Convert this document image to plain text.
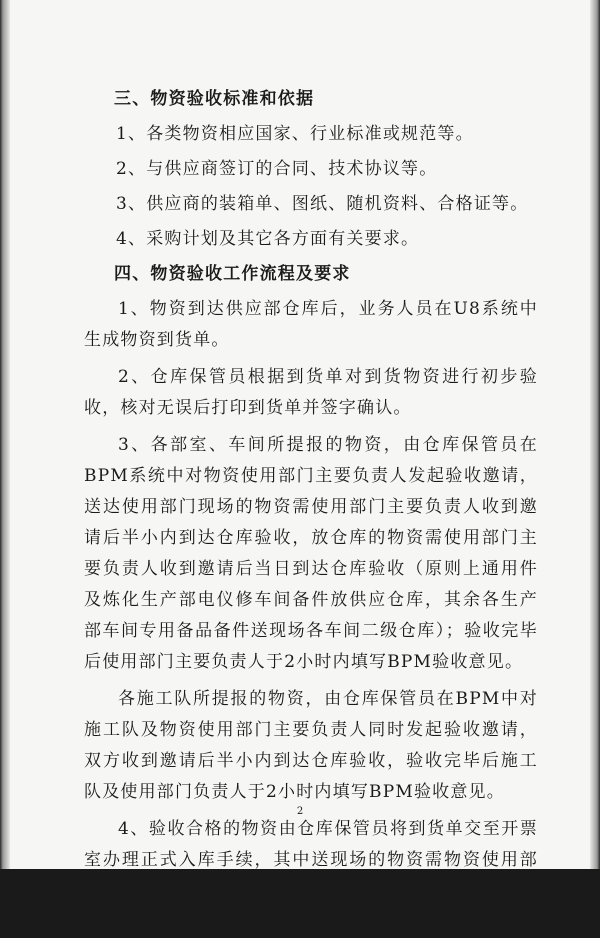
三、物资验收标准和依据
1、各类物资相应国家、行业标准或规范等。
2、与供应商签订的合同、技术协议等。
3、供应商的装箱单、图纸、随机资料、合格证等。
4、采购计划及其它各方面有关要求。
四、物资验收工作流程及要求
1、物资到达供应部仓库后，业务人员在U8系统中生成物资到货单。
2、仓库保管员根据到货单对到货物资进行初步验收，核对无误后打印到货单并签字确认。
3、各部室、车间所提报的物资，由仓库保管员在BPM系统中对物资使用部门主要负责人发起验收邀请，送达使用部门现场的物资需使用部门主要负责人收到邀请后半小内到达仓库验收，放仓库的物资需使用部门主要负责人收到邀请后当日到达仓库验收（原则上通用件及炼化生产部电仪修车间备件放供应仓库，其余各生产部车间专用备品备件送现场各车间二级仓库）；验收完毕后使用部门主要负责人于2小时内填写BPM验收意见。
各施工队所提报的物资，由仓库保管员在BPM中对施工队及物资使用部门主要负责人同时发起验收邀请，双方收到邀请后半小内到达仓库验收，验收完毕后施工队及使用部门负责人于2小时内填写BPM验收意见。
4、验收合格的物资由仓库保管员将到货单交至开票室办理正式入库手续，其中送现场的物资需物资使用部门提交调拨或领料申请，并于审批完成后当日到供应部开票室签字确认。
2
